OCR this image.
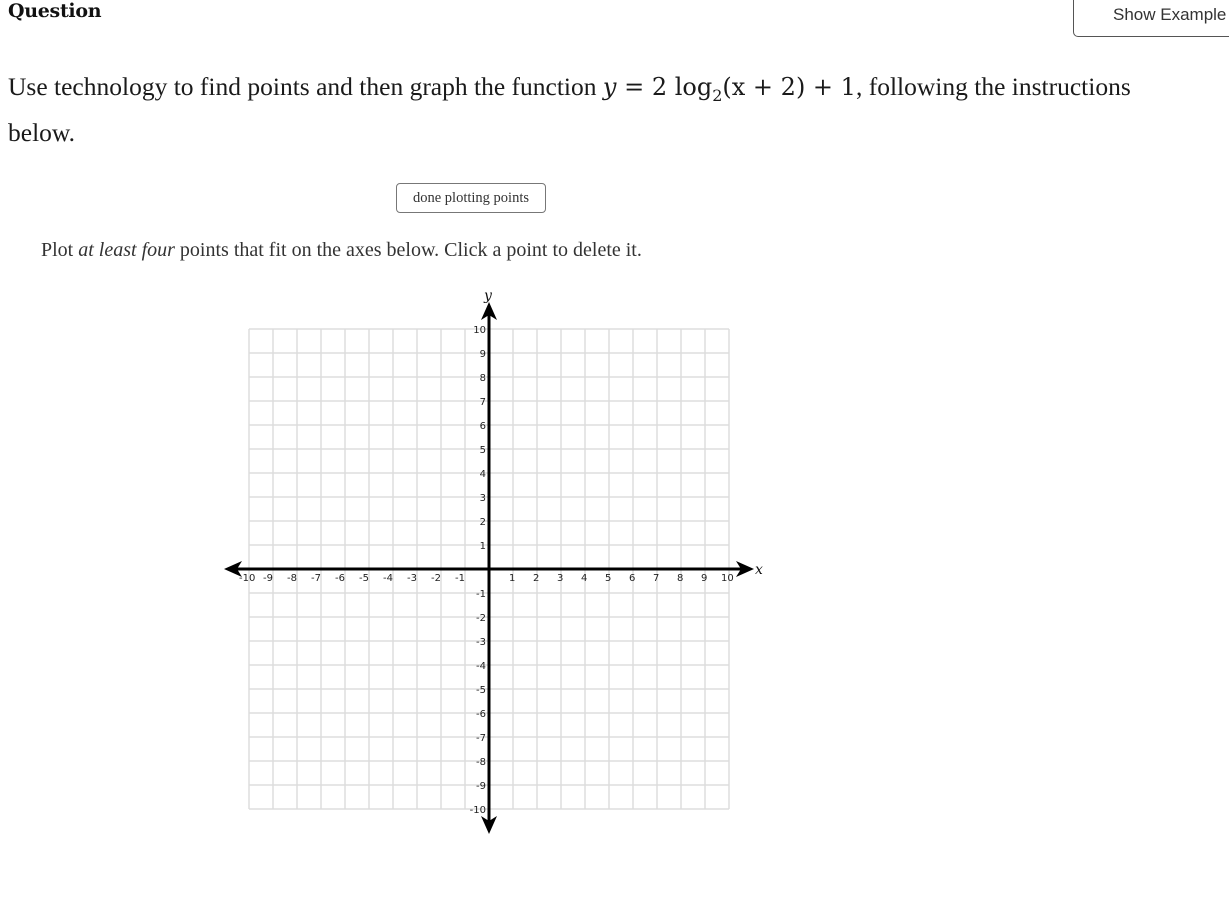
Question	Show Example
Use technology to find points and then graph the function y = 2 $\log_2(x + 2) + 1$, following the instructions
below.
done plotting points
Plot at least four points that fit on the axes below. Click a point to delete it.
x
y
-10 -9 -8 -7 -6 -5 -4 -3 -2 -1	1 2 3 4 5 6 7 8 9 10
10
9
8
7
6
5
4
3
2
1
-1
-2
-3
-4
-5
-6
-7
-8
-9
-10
